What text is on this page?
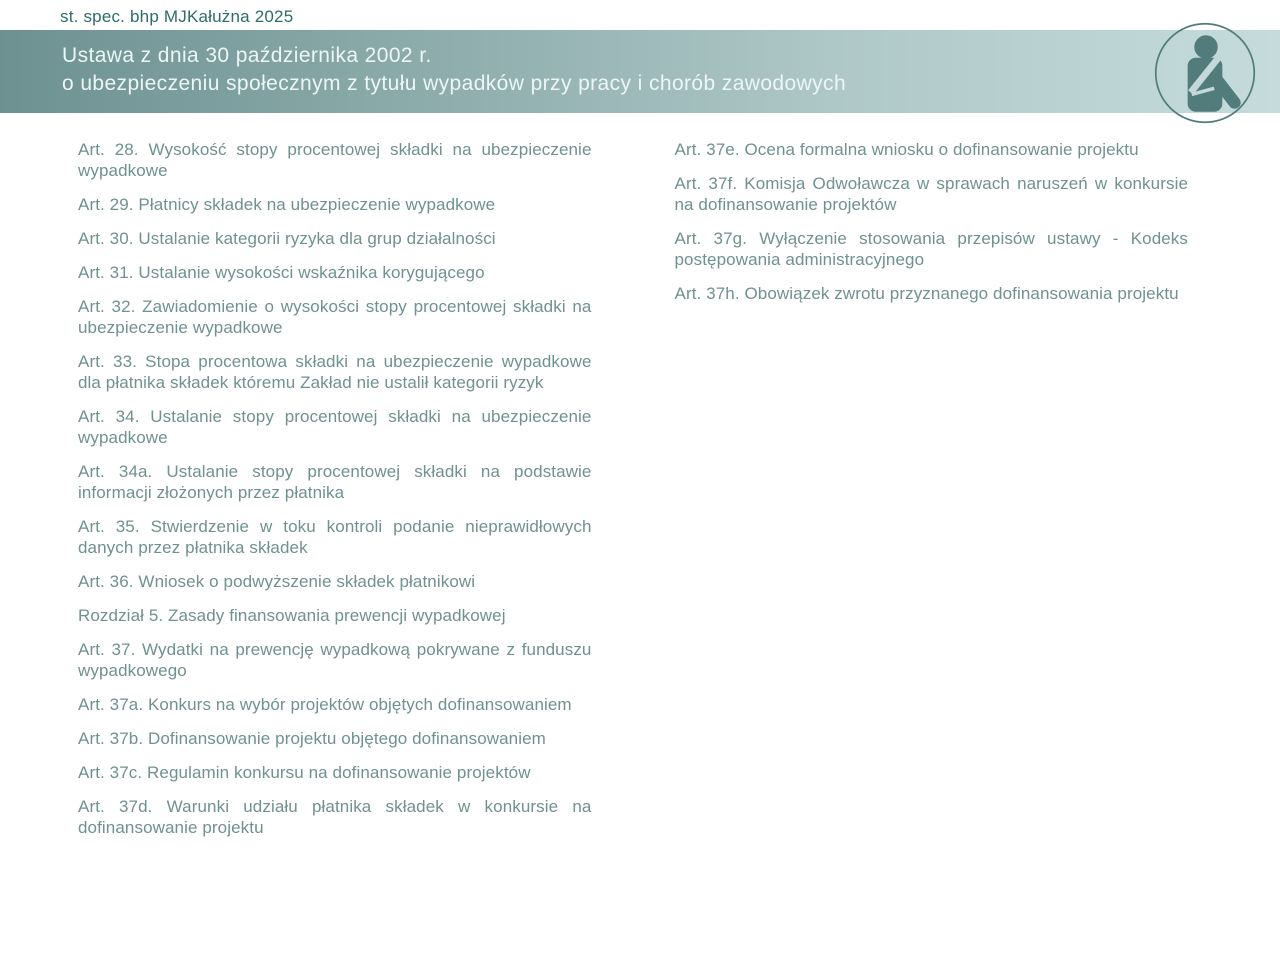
st. spec. bhp MJKałużna 2025
Ustawa z dnia 30 października 2002 r.
o ubezpieczeniu społecznym z tytułu wypadków przy pracy i chorób zawodowych

Art. 28. Wysokość stopy procentowej składki na ubezpieczenie wypadkowe

Art. 29. Płatnicy składek na ubezpieczenie wypadkowe

Art. 30. Ustalanie kategorii ryzyka dla grup działalności

Art. 31. Ustalanie wysokości wskaźnika korygującego

Art. 32. Zawiadomienie o wysokości stopy procentowej składki na ubezpieczenie wypadkowe

Art. 33. Stopa procentowa składki na ubezpieczenie wypadkowe dla płatnika składek któremu Zakład nie ustalił kategorii ryzyk

Art. 34. Ustalanie stopy procentowej składki na ubezpieczenie wypadkowe

Art. 34a. Ustalanie stopy procentowej składki na podstawie informacji złożonych przez płatnika

Art. 35. Stwierdzenie w toku kontroli podanie nieprawidłowych danych przez płatnika składek

Art. 36. Wniosek o podwyższenie składek płatnikowi

Rozdział 5. Zasady finansowania prewencji wypadkowej

Art. 37. Wydatki na prewencję wypadkową pokrywane z funduszu wypadkowego

Art. 37a. Konkurs na wybór projektów objętych dofinansowaniem

Art. 37b. Dofinansowanie projektu objętego dofinansowaniem

Art. 37c. Regulamin konkursu na dofinansowanie projektów

Art. 37d. Warunki udziału płatnika składek w konkursie na dofinansowanie projektu

Art. 37e. Ocena formalna wniosku o dofinansowanie projektu

Art. 37f. Komisja Odwoławcza w sprawach naruszeń w konkursie na dofinansowanie projektów

Art. 37g. Wyłączenie stosowania przepisów ustawy - Kodeks postępowania administracyjnego

Art. 37h. Obowiązek zwrotu przyznanego dofinansowania projektu
